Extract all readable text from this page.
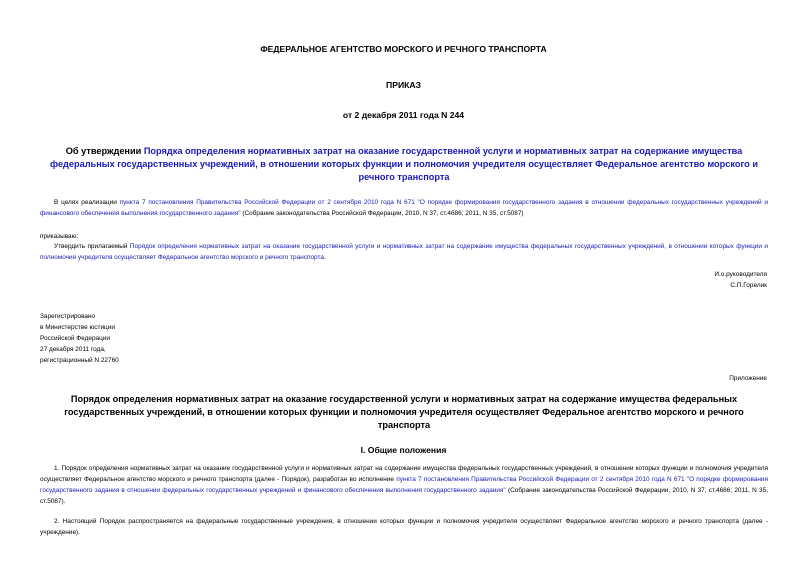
ФЕДЕРАЛЬНОЕ АГЕНТСТВО МОРСКОГО И РЕЧНОГО ТРАНСПОРТА
ПРИКАЗ
от 2 декабря 2011 года N 244
Об утверждении Порядка определения нормативных затрат на оказание государственной услуги и нормативных затрат на содержание имущества федеральных государственных учреждений, в отношении которых функции и полномочия учредителя осуществляет Федеральное агентство морского и речного транспорта
В целях реализации пункта 7 постановления Правительства Российской Федерации от 2 сентября 2010 года N 671 "О порядке формирования государственного задания в отношении федеральных государственных учреждений и финансового обеспечения выполнения государственного задания" (Собрание законодательства Российской Федерации, 2010, N 37, ст.4686; 2011, N 35, ст.5087)
приказываю:
Утвердить прилагаемый Порядок определения нормативных затрат на оказание государственной услуги и нормативных затрат на содержание имущества федеральных государственных учреждений, в отношении которых функции и полномочия учредителя осуществляет Федеральное агентство морского и речного транспорта.
И.о.руководителя
С.П.Горелик
Зарегистрировано
в Министерстве юстиции
Российской Федерации
27 декабря 2011 года,
регистрационный N 22760
Приложение
Порядок определения нормативных затрат на оказание государственной услуги и нормативных затрат на содержание имущества федеральных государственных учреждений, в отношении которых функции и полномочия учредителя осуществляет Федеральное агентство морского и речного транспорта
I. Общие положения
1. Порядок определения нормативных затрат на оказание государственной услуги и нормативных затрат на содержание имущества федеральных государственных учреждений, в отношении которых функции и полномочия учредителя осуществляет Федеральное агентство морского и речного транспорта (далее - Порядок), разработан во исполнение пункта 7 постановления Правительства Российской Федерации от 2 сентября 2010 года N 671 "О порядке формирования государственного задания в отношении федеральных государственных учреждений и финансового обеспечения выполнения государственного задания" (Собрание законодательства Российской Федерации, 2010, N 37, ст.4686; 2011, N 35, ст.5087).
2. Настоящий Порядок распространяется на федеральные государственные учреждения, в отношении которых функции и полномочия учредителя осуществляет Федеральное агентство морского и речного транспорта (далее - учреждение).
